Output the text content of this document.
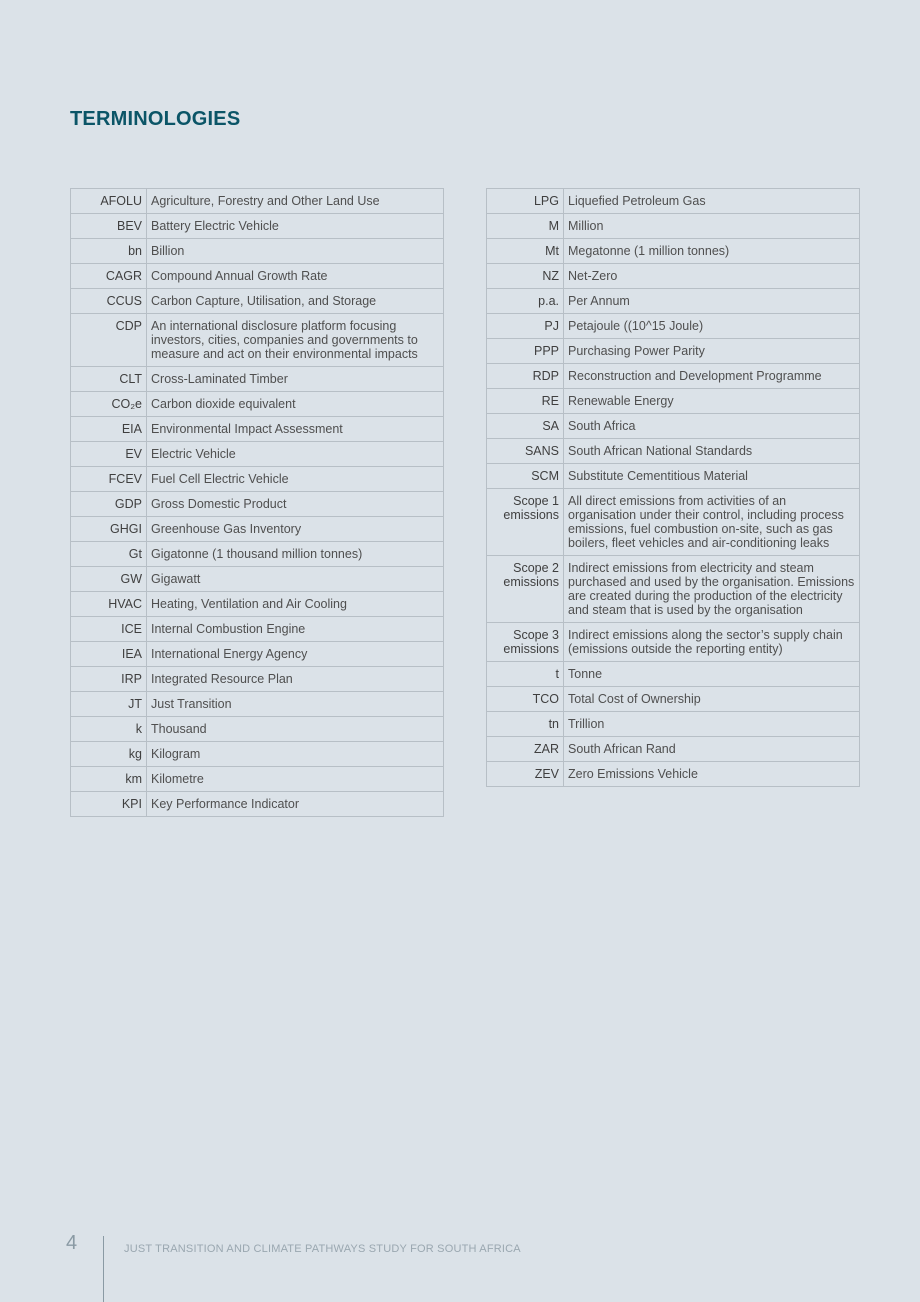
TERMINOLOGIES
AFOLU	Agriculture, Forestry and Other Land Use
BEV	Battery Electric Vehicle
bn	Billion
CAGR	Compound Annual Growth Rate
CCUS	Carbon Capture, Utilisation, and Storage
CDP	An international disclosure platform focusing investors, cities, companies and governments to measure and act on their environmental impacts
CLT	Cross-Laminated Timber
CO₂e	Carbon dioxide equivalent
EIA	Environmental Impact Assessment
EV	Electric Vehicle
FCEV	Fuel Cell Electric Vehicle
GDP	Gross Domestic Product
GHGI	Greenhouse Gas Inventory
Gt	Gigatonne (1 thousand million tonnes)
GW	Gigawatt
HVAC	Heating, Ventilation and Air Cooling
ICE	Internal Combustion Engine
IEA	International Energy Agency
IRP	Integrated Resource Plan
JT	Just Transition
k	Thousand
kg	Kilogram
km	Kilometre
KPI	Key Performance Indicator
LPG	Liquefied Petroleum Gas
M	Million
Mt	Megatonne (1 million tonnes)
NZ	Net-Zero
p.a.	Per Annum
PJ	Petajoule ((10^15 Joule)
PPP	Purchasing Power Parity
RDP	Reconstruction and Development Programme
RE	Renewable Energy
SA	South Africa
SANS	South African National Standards
SCM	Substitute Cementitious Material
Scope 1 emissions	All direct emissions from activities of an organisation under their control, including process emissions, fuel combustion on-site, such as gas boilers, fleet vehicles and air-conditioning leaks
Scope 2 emissions	Indirect emissions from electricity and steam purchased and used by the organisation. Emissions are created during the production of the electricity and steam that is used by the organisation
Scope 3 emissions	Indirect emissions along the sector’s supply chain (emissions outside the reporting entity)
t	Tonne
TCO	Total Cost of Ownership
tn	Trillion
ZAR	South African Rand
ZEV	Zero Emissions Vehicle
4	JUST TRANSITION AND CLIMATE PATHWAYS STUDY FOR SOUTH AFRICA
